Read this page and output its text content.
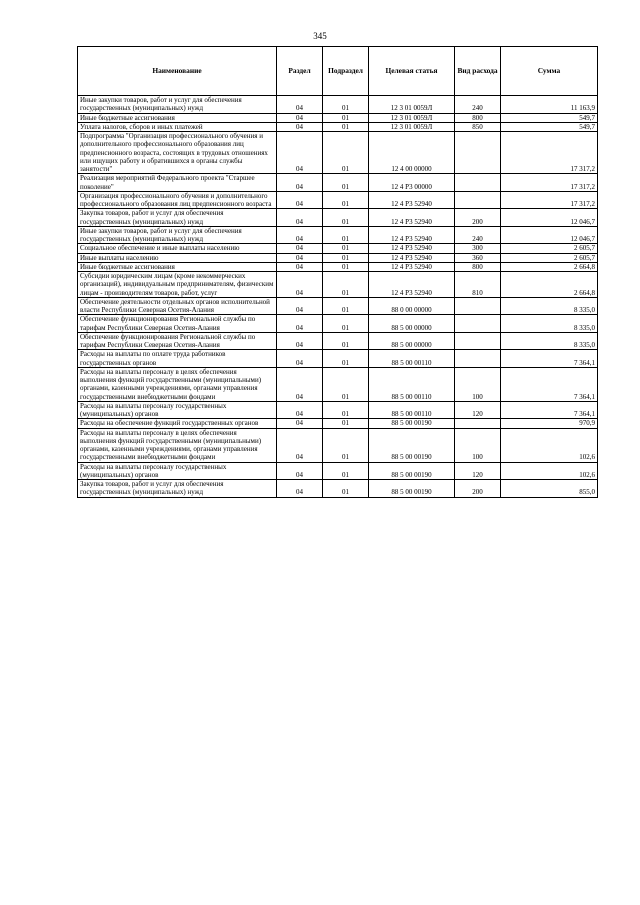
345
Наименование	Раздел	Подраздел	Целевая статья	Вид расхода	Сумма
Иные закупки товаров, работ и услуг для обеспечения государственных (муниципальных) нужд	04	01	12 3 01 0059Л	240	11 163,9
Иные бюджетные ассигнования	04	01	12 3 01 0059Л	800	549,7
Уплата налогов, сборов и иных платежей	04	01	12 3 01 0059Л	850	549,7
Подпрограмма "Организация профессионального обучения и дополнительного профессионального образования лиц предпенсионного возраста, состоящих в трудовых отношениях или ищущих работу и обратившихся в органы службы занятости"	04	01	12 4 00 00000		17 317,2
Реализация мероприятий Федерального проекта "Старшее поколение"	04	01	12 4 P3 00000		17 317,2
Организация профессионального обучения и дополнительного профессионального образования лиц предпенсионного возраста	04	01	12 4 P3 52940		17 317,2
Закупка товаров, работ и услуг для обеспечения государственных (муниципальных) нужд	04	01	12 4 P3 52940	200	12 046,7
Иные закупки товаров, работ и услуг для обеспечения государственных (муниципальных) нужд	04	01	12 4 P3 52940	240	12 046,7
Социальное обеспечение и иные выплаты населению	04	01	12 4 P3 52940	300	2 605,7
Иные выплаты населению	04	01	12 4 P3 52940	360	2 605,7
Иные бюджетные ассигнования	04	01	12 4 P3 52940	800	2 664,8
Субсидии юридическим лицам (кроме некоммерческих организаций), индивидуальным предпринимателям, физическим лицам - производителям товаров, работ, услуг	04	01	12 4 P3 52940	810	2 664,8
Обеспечение деятельности отдельных органов исполнительной власти Республики Северная Осетия-Алания	04	01	88 0 00 00000		8 335,0
Обеспечение функционирования Региональной службы по тарифам Республики Северная Осетия-Алания	04	01	88 5 00 00000		8 335,0
Обеспечение функционирования Региональной службы по тарифам Республики Северная Осетия-Алания	04	01	88 5 00 00000		8 335,0
Расходы на выплаты по оплате труда работников государственных органов	04	01	88 5 00 00110		7 364,1
Расходы на выплаты персоналу в целях обеспечения выполнения функций государственными (муниципальными) органами, казенными учреждениями, органами управления государственными внебюджетными фондами	04	01	88 5 00 00110	100	7 364,1
Расходы на выплаты персоналу государственных (муниципальных) органов	04	01	88 5 00 00110	120	7 364,1
Расходы на обеспечение функций государственных органов	04	01	88 5 00 00190		970,9
Расходы на выплаты персоналу в целях обеспечения выполнения функций государственными (муниципальными) органами, казенными учреждениями, органами управления государственными внебюджетными фондами	04	01	88 5 00 00190	100	102,6
Расходы на выплаты персоналу государственных (муниципальных) органов	04	01	88 5 00 00190	120	102,6
Закупка товаров, работ и услуг для обеспечения государственных (муниципальных) нужд	04	01	88 5 00 00190	200	855,0
